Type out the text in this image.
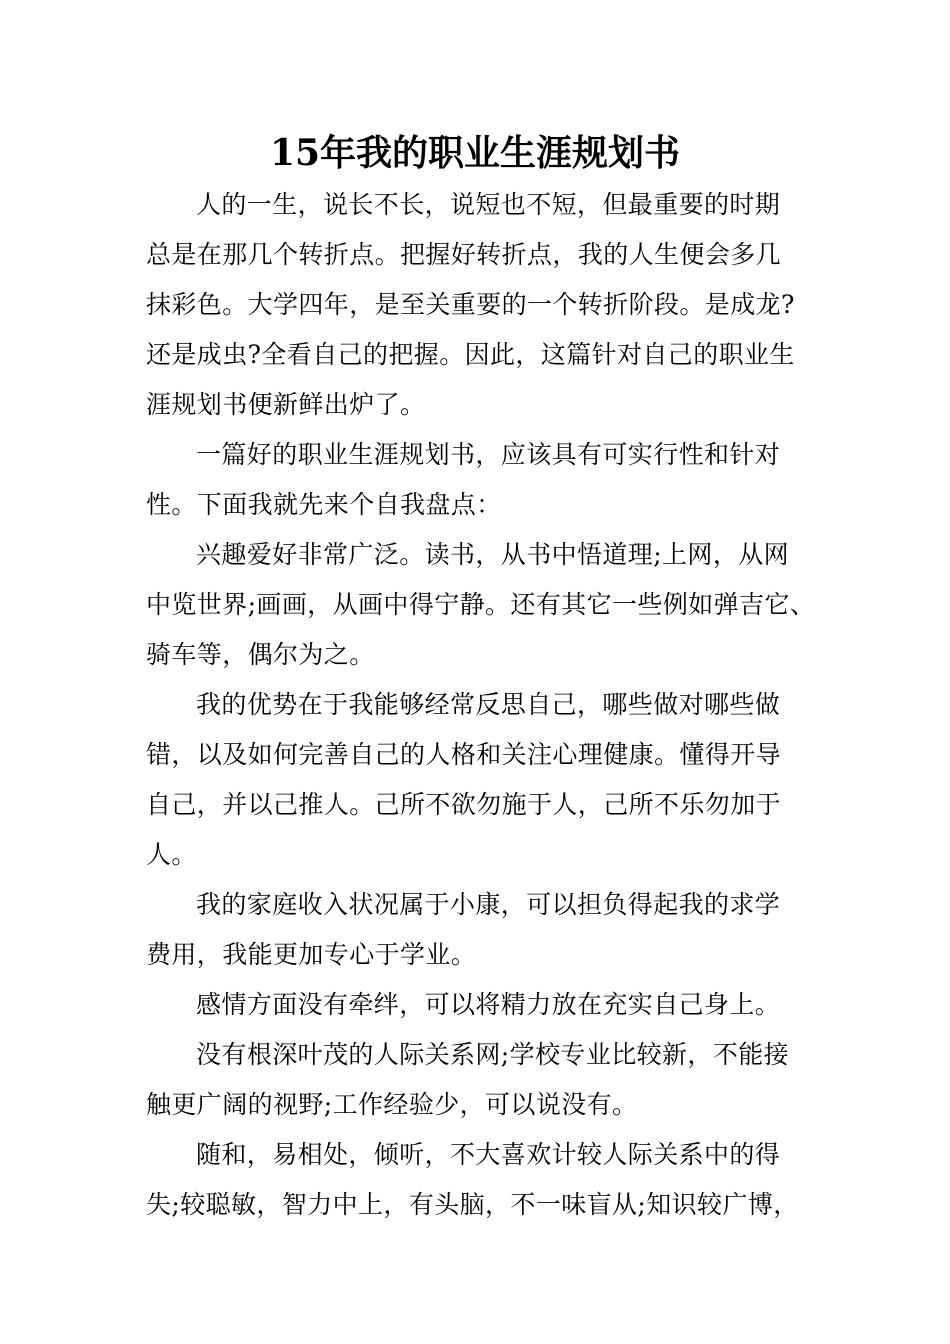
15年我的职业生涯规划书
人的一生，说长不长，说短也不短，但最重要的时期
总是在那几个转折点。把握好转折点，我的人生便会多几
抹彩色。大学四年，是至关重要的一个转折阶段。是成龙?
还是成虫?全看自己的把握。因此，这篇针对自己的职业生
涯规划书便新鲜出炉了。
一篇好的职业生涯规划书，应该具有可实行性和针对
性。下面我就先来个自我盘点：
兴趣爱好非常广泛。读书，从书中悟道理;上网，从网
中览世界;画画，从画中得宁静。还有其它一些例如弹吉它、
骑车等，偶尔为之。
我的优势在于我能够经常反思自己，哪些做对哪些做
错，以及如何完善自己的人格和关注心理健康。懂得开导
自己，并以己推人。己所不欲勿施于人，己所不乐勿加于
人。
我的家庭收入状况属于小康，可以担负得起我的求学
费用，我能更加专心于学业。
感情方面没有牵绊，可以将精力放在充实自己身上。
没有根深叶茂的人际关系网;学校专业比较新，不能接
触更广阔的视野;工作经验少，可以说没有。
随和，易相处，倾听，不大喜欢计较人际关系中的得
失;较聪敏，智力中上，有头脑，不一味盲从;知识较广博，
